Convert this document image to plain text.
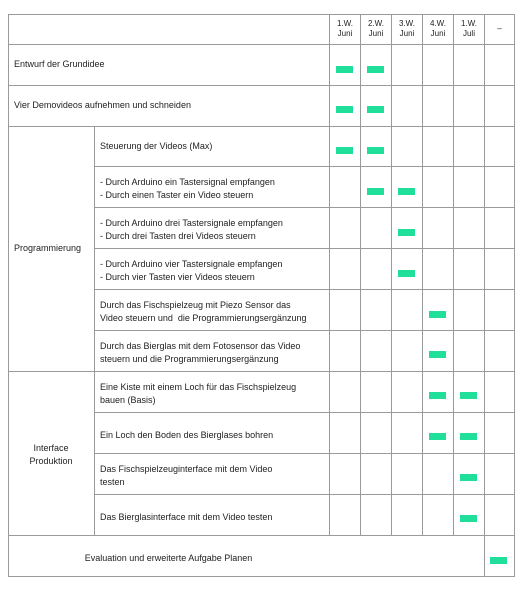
1.W.
Juni
2.W.
Juni
3.W.
Juni
4.W.
Juni
1.W.
Juli
–
Entwurf der Grundidee
Vier Demovideos aufnehmen und schneiden
Programmierung
Steuerung der Videos (Max)
- Durch Arduino ein Tastersignal empfangen
- Durch einen Taster ein Video steuern
- Durch Arduino drei Tastersignale empfangen
- Durch drei Tasten drei Videos steuern
- Durch Arduino vier Tastersignale empfangen
- Durch vier Tasten vier Videos steuern
Durch das Fischspielzeug mit Piezo Sensor das
Video steuern und  die Programmierungsergänzung
Durch das Bierglas mit dem Fotosensor das Video
steuern und die Programmierungsergänzung
Interface
Produktion
Eine Kiste mit einem Loch für das Fischspielzeug
bauen (Basis)
Ein Loch den Boden des Bierglases bohren
Das Fischspielzeuginterface mit dem Video
testen
Das Bierglasinterface mit dem Video testen
Evaluation und erweiterte Aufgabe Planen
